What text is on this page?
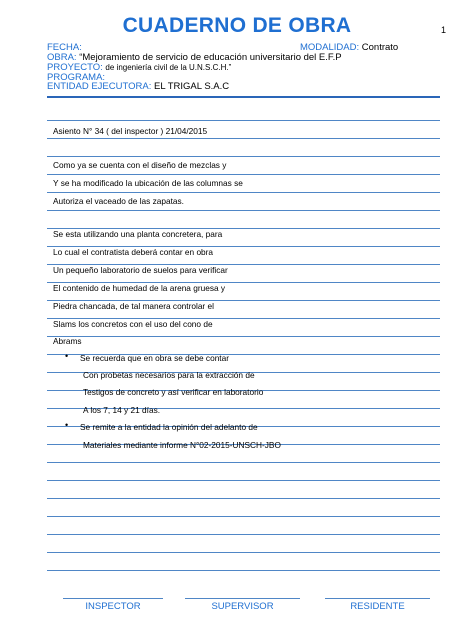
CUADERNO DE OBRA	1
FECHA:	MODALIDAD: Contrato
OBRA: “Mejoramiento de servicio de educación universitario del E.F.P
PROYECTO: de ingeniería civil de la U.N.S.C.H.”
PROGRAMA:
ENTIDAD EJECUTORA: EL TRIGAL S.A.C
Asiento N° 34 ( del inspector ) 21/04/2015
Como ya se cuenta con el diseño de mezclas y
Y se ha modificado la ubicación de las columnas se
Autoriza el vaceado de las zapatas.
Se esta utilizando una planta concretera, para
Lo cual el contratista deberá contar en obra
Un pequeño laboratorio de suelos para verificar
El contenido de humedad de la arena gruesa y
Piedra chancada, de tal manera controlar el
Slams los concretos con el uso del cono de
Abrams
• Se recuerda que en obra se debe contar
Con probetas necesarios para la extracción de
Testigos de concreto y así verificar en laboratorio
A los 7, 14 y 21 días.
• Se remite a la entidad la opinión del adelanto de
Materiales mediante informe N°02-2015-UNSCH-JBO
INSPECTOR	SUPERVISOR	RESIDENTE
